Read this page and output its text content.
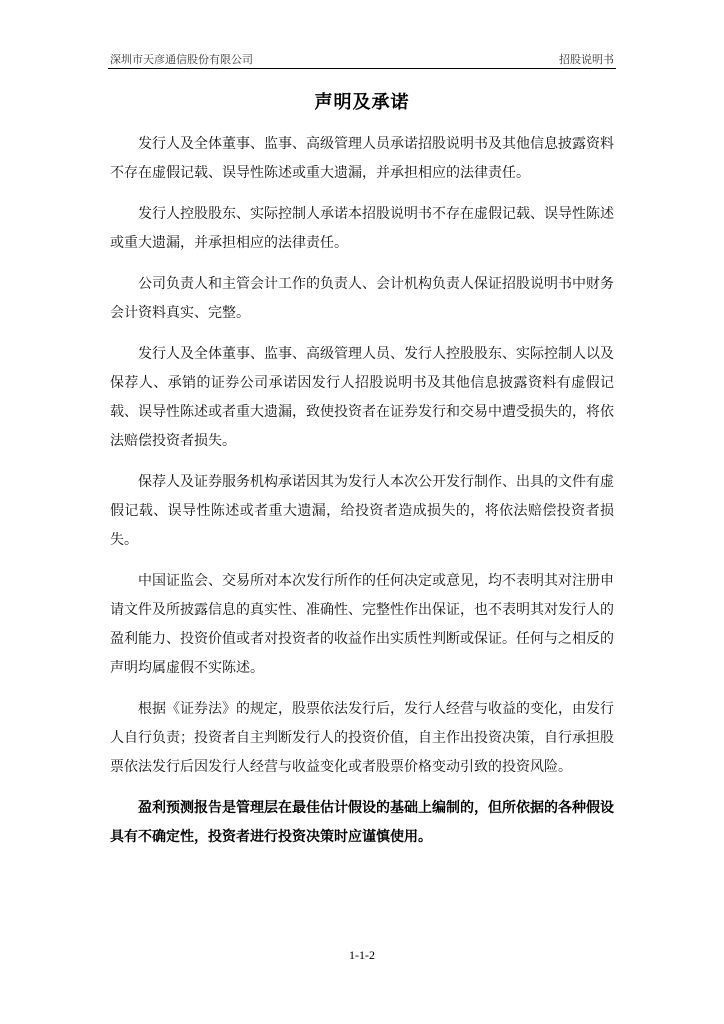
深圳市天彦通信股份有限公司	招股说明书
声明及承诺

发行人及全体董事、监事、高级管理人员承诺招股说明书及其他信息披露资料不存在虚假记载、误导性陈述或重大遗漏，并承担相应的法律责任。

发行人控股股东、实际控制人承诺本招股说明书不存在虚假记载、误导性陈述或重大遗漏，并承担相应的法律责任。

公司负责人和主管会计工作的负责人、会计机构负责人保证招股说明书中财务会计资料真实、完整。

发行人及全体董事、监事、高级管理人员、发行人控股股东、实际控制人以及保荐人、承销的证券公司承诺因发行人招股说明书及其他信息披露资料有虚假记载、误导性陈述或者重大遗漏，致使投资者在证券发行和交易中遭受损失的，将依法赔偿投资者损失。

保荐人及证券服务机构承诺因其为发行人本次公开发行制作、出具的文件有虚假记载、误导性陈述或者重大遗漏，给投资者造成损失的，将依法赔偿投资者损失。

中国证监会、交易所对本次发行所作的任何决定或意见，均不表明其对注册申请文件及所披露信息的真实性、准确性、完整性作出保证，也不表明其对发行人的盈利能力、投资价值或者对投资者的收益作出实质性判断或保证。任何与之相反的声明均属虚假不实陈述。

根据《证券法》的规定，股票依法发行后，发行人经营与收益的变化，由发行人自行负责；投资者自主判断发行人的投资价值，自主作出投资决策，自行承担股票依法发行后因发行人经营与收益变化或者股票价格变动引致的投资风险。

盈利预测报告是管理层在最佳估计假设的基础上编制的，但所依据的各种假设具有不确定性，投资者进行投资决策时应谨慎使用。

1-1-2
